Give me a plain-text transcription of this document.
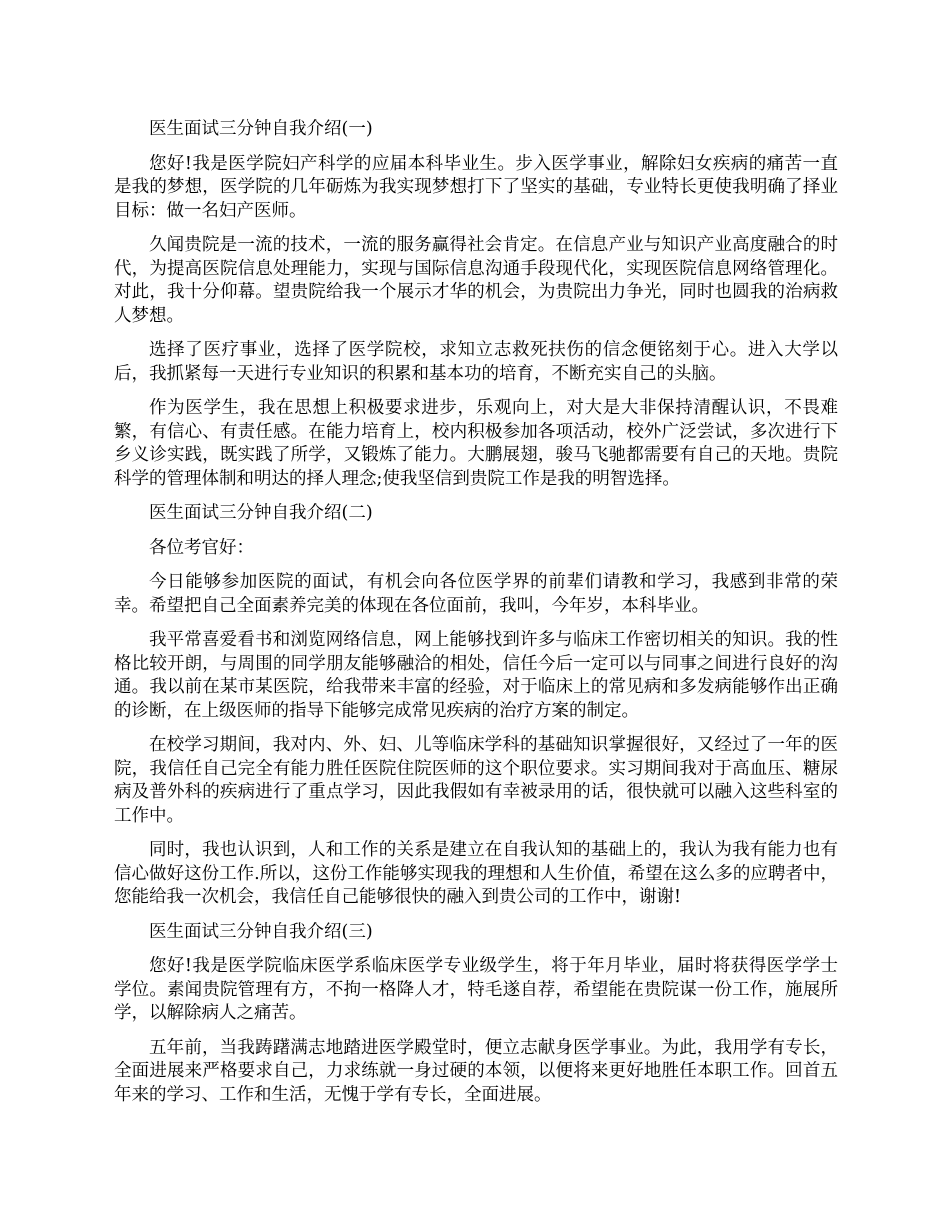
医生面试三分钟自我介绍(一)

您好!我是医学院妇产科学的应届本科毕业生。步入医学事业，解除妇女疾病的痛苦一直是我的梦想，医学院的几年砺炼为我实现梦想打下了坚实的基础，专业特长更使我明确了择业目标：做一名妇产医师。

久闻贵院是一流的技术，一流的服务赢得社会肯定。在信息产业与知识产业高度融合的时代，为提高医院信息处理能力，实现与国际信息沟通手段现代化，实现医院信息网络管理化。对此，我十分仰幕。望贵院给我一个展示才华的机会，为贵院出力争光，同时也圆我的治病救人梦想。

选择了医疗事业，选择了医学院校，求知立志救死扶伤的信念便铭刻于心。进入大学以后，我抓紧每一天进行专业知识的积累和基本功的培育，不断充实自己的头脑。

作为医学生，我在思想上积极要求进步，乐观向上，对大是大非保持清醒认识，不畏难繁，有信心、有责任感。在能力培育上，校内积极参加各项活动，校外广泛尝试，多次进行下乡义诊实践，既实践了所学，又锻炼了能力。大鹏展翅，骏马飞驰都需要有自己的天地。贵院科学的管理体制和明达的择人理念;使我坚信到贵院工作是我的明智选择。

医生面试三分钟自我介绍(二)

各位考官好：

今日能够参加医院的面试，有机会向各位医学界的前辈们请教和学习，我感到非常的荣幸。希望把自己全面素养完美的体现在各位面前，我叫，今年岁，本科毕业。

我平常喜爱看书和浏览网络信息，网上能够找到许多与临床工作密切相关的知识。我的性格比较开朗，与周围的同学朋友能够融洽的相处，信任今后一定可以与同事之间进行良好的沟通。我以前在某市某医院，给我带来丰富的经验，对于临床上的常见病和多发病能够作出正确的诊断，在上级医师的指导下能够完成常见疾病的治疗方案的制定。

在校学习期间，我对内、外、妇、儿等临床学科的基础知识掌握很好，又经过了一年的医院，我信任自己完全有能力胜任医院住院医师的这个职位要求。实习期间我对于高血压、糖尿病及普外科的疾病进行了重点学习，因此我假如有幸被录用的话，很快就可以融入这些科室的工作中。

同时，我也认识到，人和工作的关系是建立在自我认知的基础上的，我认为我有能力也有信心做好这份工作.所以，这份工作能够实现我的理想和人生价值，希望在这么多的应聘者中，您能给我一次机会，我信任自己能够很快的融入到贵公司的工作中，谢谢!

医生面试三分钟自我介绍(三)

您好!我是医学院临床医学系临床医学专业级学生，将于年月毕业，届时将获得医学学士学位。素闻贵院管理有方，不拘一格降人才，特毛遂自荐，希望能在贵院谋一份工作，施展所学，以解除病人之痛苦。

五年前，当我踌躇满志地踏进医学殿堂时，便立志献身医学事业。为此，我用学有专长，全面进展来严格要求自己，力求练就一身过硬的本领，以便将来更好地胜任本职工作。回首五年来的学习、工作和生活，无愧于学有专长，全面进展。
